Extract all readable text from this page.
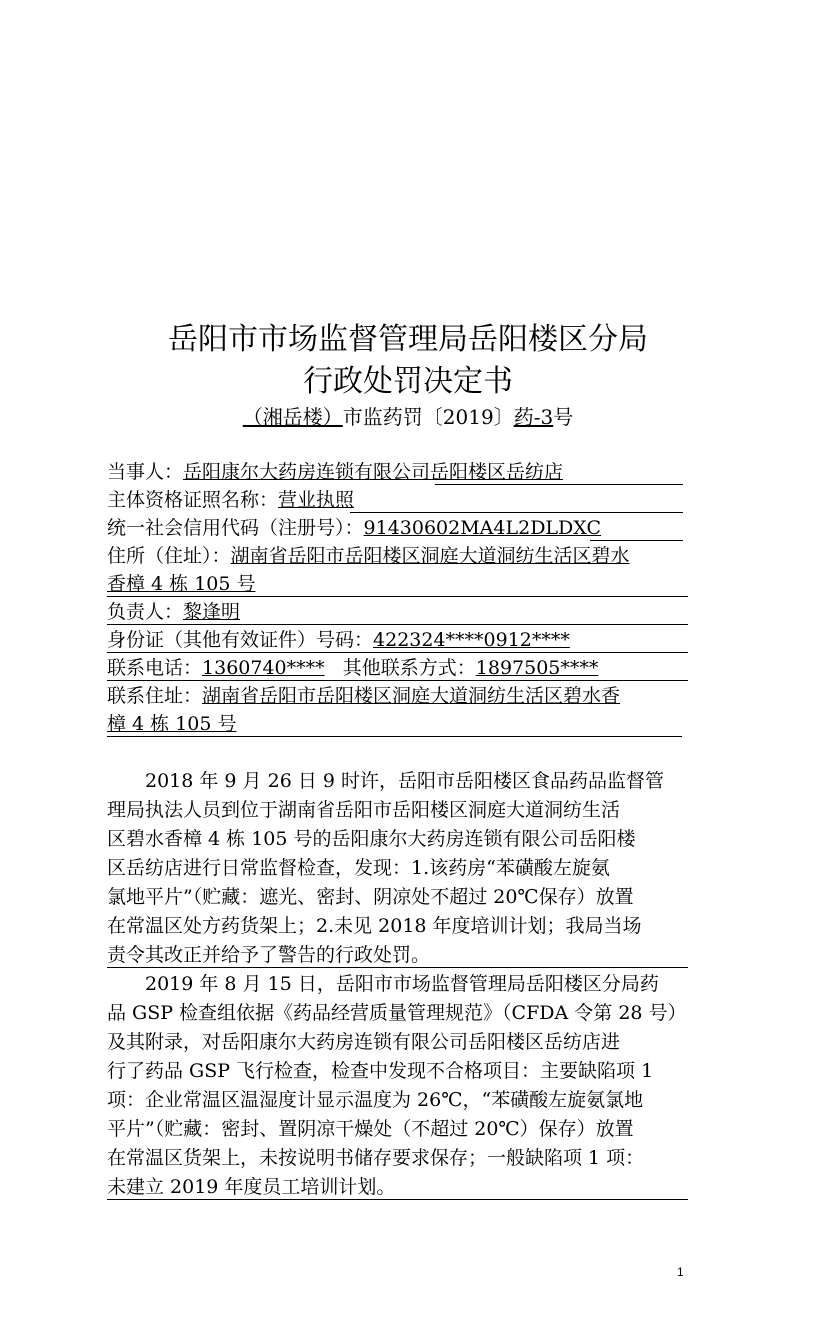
岳阳市市场监督管理局岳阳楼区分局
行政处罚决定书
（湘岳楼）市监药罚〔2019〕药-3号
当事人：岳阳康尔大药房连锁有限公司岳阳楼区岳纺店
主体资格证照名称：营业执照
统一社会信用代码（注册号）：91430602MA4L2DLDXC
住所（住址）：湖南省岳阳市岳阳楼区洞庭大道洞纺生活区碧水
香樟 4 栋 105 号
负责人：黎逢明
身份证（其他有效证件）号码：422324****0912****
联系电话：1360740**** 其他联系方式：1897505****
联系住址：湖南省岳阳市岳阳楼区洞庭大道洞纺生活区碧水香
樟 4 栋 105 号
2018 年 9 月 26 日 9 时许，岳阳市岳阳楼区食品药品监督管
理局执法人员到位于湖南省岳阳市岳阳楼区洞庭大道洞纺生活
区碧水香樟 4 栋 105 号的岳阳康尔大药房连锁有限公司岳阳楼
区岳纺店进行日常监督检查，发现：1.该药房“苯磺酸左旋氨
氯地平片”（贮藏：遮光、密封、阴凉处不超过 20℃保存）放置
在常温区处方药货架上；2.未见 2018 年度培训计划；我局当场
责令其改正并给予了警告的行政处罚。
2019 年 8 月 15 日，岳阳市市场监督管理局岳阳楼区分局药
品 GSP 检查组依据《药品经营质量管理规范》（CFDA 令第 28 号）
及其附录，对岳阳康尔大药房连锁有限公司岳阳楼区岳纺店进
行了药品 GSP 飞行检查，检查中发现不合格项目：主要缺陷项 1
项：企业常温区温湿度计显示温度为 26℃，“苯磺酸左旋氨氯地
平片”（贮藏：密封、置阴凉干燥处（不超过 20℃）保存）放置
在常温区货架上，未按说明书储存要求保存；一般缺陷项 1 项：
未建立 2019 年度员工培训计划。
1
